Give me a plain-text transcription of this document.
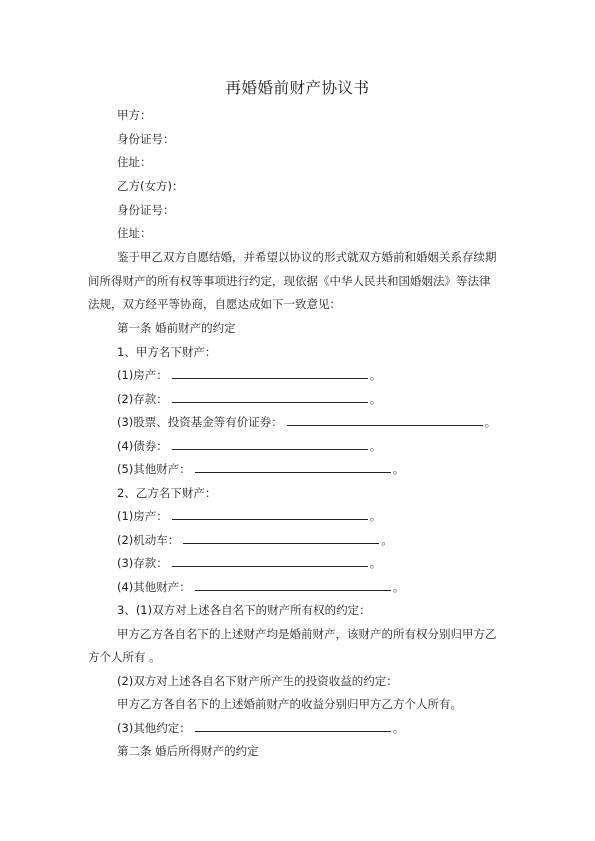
再婚婚前财产协议书
甲方：
身份证号：
住址：
乙方(女方)：
身份证号：
住址：
鉴于甲乙双方自愿结婚，并希望以协议的形式就双方婚前和婚姻关系存续期
间所得财产的所有权等事项进行约定，现依据《中华人民共和国婚姻法》等法律
法规，双方经平等协商，自愿达成如下一致意见：
第一条 婚前财产的约定
1、甲方名下财产：
(1)房产：	。
(2)存款：	。
(3)股票、投资基金等有价证券：	。
(4)债券：	。
(5)其他财产：	。
2、乙方名下财产：
(1)房产：	。
(2)机动车：	。
(3)存款：	。
(4)其他财产：	。
3、(1)双方对上述各自名下的财产所有权的约定：
甲方乙方各自名下的上述财产均是婚前财产，该财产的所有权分别归甲方乙
方个人所有 。
(2)双方对上述各自名下财产所产生的投资收益的约定：
甲方乙方各自名下的上述婚前财产的收益分别归甲方乙方个人所有。
(3)其他约定：	。
第二条 婚后所得财产的约定
